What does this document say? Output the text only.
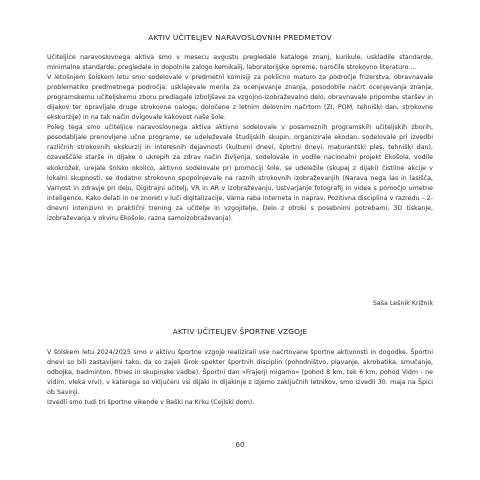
AKTIV UČITELJEV NARAVOSLOVNIH PREDMETOV

Učiteljice naravoslovnega aktiva smo v mesecu avgustu pregledale kataloge znanj, kurikule, uskladile standarde, minimalne standarde, pregledale in dopolnile zalogo kemikalij, laboratorijske opreme, naročile strokovno literaturo ...

V letošnjem šolskem letu smo sodelovale v predmetni komisiji za poklicno maturo za področje frizerstva, obravnavale problematiko predmetnega področja, usklajevale merila za ocenjevanje znanja, posodobile načrt ocenjevanja znanja, programskemu učiteljskemu zboru predlagale izboljšave za vzgojno-izobraževalno delo, obravnavale pripombe staršev in dijakov ter opravljale druge strokovne naloge, določene z letnim delovnim načrtom (ZI, POM, tehniški dan, strokovne ekskurzije) in na tak način dvigovale kakovost naše šole.

Poleg tega smo učiteljice naravoslovnega aktiva aktivno sodelovale v posameznih programskih učiteljskih zborih, posodabljale prenovljene učne programe, se udeleževale študijskih skupin, organizirale ekodan, sodelovale pri izvedbi različnih strokovnih ekskurzij in interesnih dejavnosti (kulturni dnevi, športni dnevi, maturantski ples, tehniški dan), ozaveščale starše in dijake o ukrepih za zdrav način življenja, sodelovale in vodile nacionalni projekt Ekošola, vodile ekokrožek, urejale šolsko okolico, aktivno sodelovale pri promociji šole, se udeležile (skupaj z dijaki) čistilne akcije v lokalni skupnosti, se dodatno strokovno spopolnjevale na raznih strokovnih izobraževanjih (Narava nega las in lasišča, Varnost in zdravje pri delu, Digitrajni učitelj, VR in AR v izobraževanju, Ustvarjanje fotografij in videa s pomočjo umetne inteligence, Kako delati in ne znoreti v luči digitalizacije, Varna raba interneta in naprav, Pozitivna disciplina v razredu – 2-dnevni intenzivni in praktični trening za učitelje in vzgojitelje, Delo z otroki s posebnimi potrebami, 3D tiskanje, izobraževanja v okviru Ekošole, razna samoizobraževanja).

Saša Lešnik Križnik
AKTIV UČITELJEV ŠPORTNE VZGOJE

V šolskem letu 2024/2025 smo v aktivu športne vzgoje realizirali vse načrtovane športne aktivnosti in dogodke. Športni dnevi so bili zastavljeni tako, da so zajeli širok spekter športnih disciplin (pohodništvo, plavanje, akrobatika, smučanje, odbojka, badminton, fitnes in skupinske vadbe). Športni dan »Frajerji migamo« (pohod 8 km, tek 6 km, pohod Vidm - ne vidim, vleka vrvi), v katerega so vključeni vsi dijaki in dijakinje z izjemo zaključnih letnikov, smo izvedli 30. maja na Špici ob Savinji.

Izvedli smo tudi tri športne vikende v Baški na Krku (Cejlski dom).

60
